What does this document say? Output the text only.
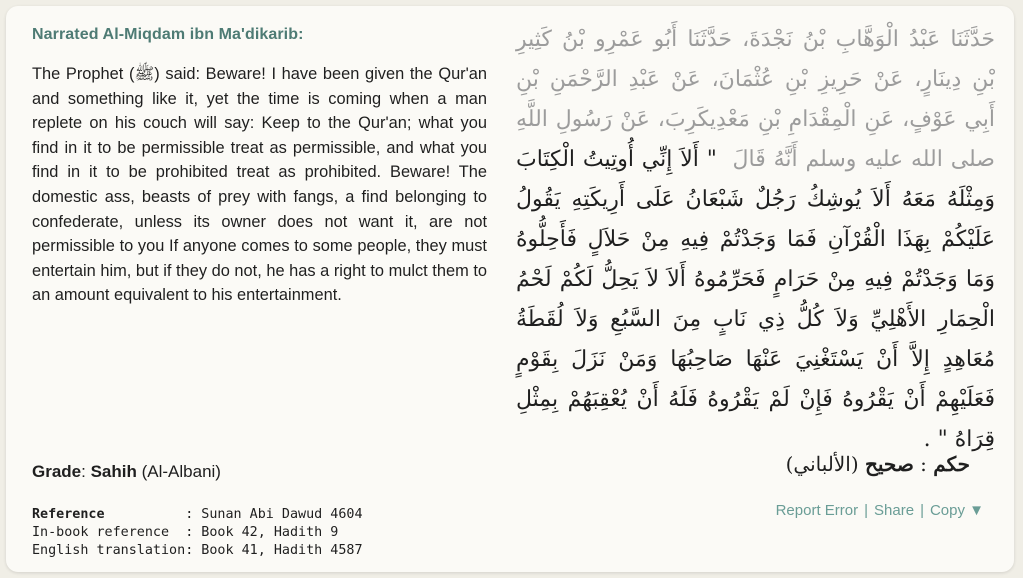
Narrated Al-Miqdam ibn Ma'dikarib:
The Prophet (ﷺ) said: Beware! I have been given the Qur'an and something like it, yet the time is coming when a man replete on his couch will say: Keep to the Qur'an; what you find in it to be permissible treat as permissible, and what you find in it to be prohibited treat as prohibited. Beware! The domestic ass, beasts of prey with fangs, a find belonging to confederate, unless its owner does not want it, are not permissible to you If anyone comes to some people, they must entertain him, but if they do not, he has a right to mulct them to an amount equivalent to his entertainment.
حَدَّثَنَا عَبْدُ الْوَهَّابِ بْنُ نَجْدَةَ، حَدَّثَنَا أَبُو عَمْرِو بْنُ كَثِيرِ بْنِ دِينَارٍ، عَنْ حَرِيزِ بْنِ عُثْمَانَ، عَنْ عَبْدِ الرَّحْمَنِ بْنِ أَبِي عَوْفٍ، عَنِ الْمِقْدَامِ بْنِ مَعْدِيكَرِبَ، عَنْ رَسُولِ اللَّهِ صلى الله عليه وسلم أَنَّهُ قَالَ ‏ "‏ أَلاَ إِنِّي أُوتِيتُ الْكِتَابَ وَمِثْلَهُ مَعَهُ أَلاَ يُوشِكُ رَجُلٌ شَبْعَانُ عَلَى أَرِيكَتِهِ يَقُولُ عَلَيْكُمْ بِهَذَا الْقُرْآنِ فَمَا وَجَدْتُمْ فِيهِ مِنْ حَلاَلٍ فَأَحِلُّوهُ وَمَا وَجَدْتُمْ فِيهِ مِنْ حَرَامٍ فَحَرِّمُوهُ أَلاَ لاَ يَحِلُّ لَكُمْ لَحْمُ الْحِمَارِ الأَهْلِيِّ وَلاَ كُلُّ ذِي نَابٍ مِنَ السَّبُعِ وَلاَ لُقَطَةُ مُعَاهِدٍ إِلاَّ أَنْ يَسْتَغْنِيَ عَنْهَا صَاحِبُهَا وَمَنْ نَزَلَ بِقَوْمٍ فَعَلَيْهِمْ أَنْ يَقْرُوهُ فَإِنْ لَمْ يَقْرُوهُ فَلَهُ أَنْ يُعْقِبَهُمْ بِمِثْلِ قِرَاهُ "‏ .
Grade: Sahih (Al-Albani)	حكم : صحيح (الألباني)
Reference	: Sunan Abi Dawud 4604
In-book reference	: Book 42, Hadith 9
English translation	: Book 41, Hadith 4587
Report Error | Share | Copy ▼
